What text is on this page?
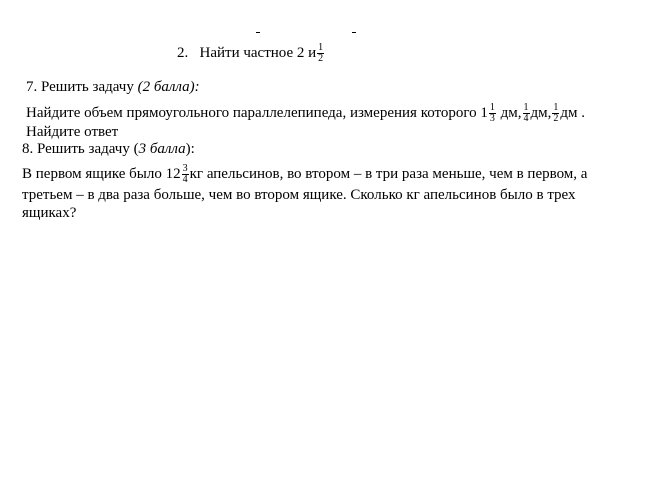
2. Найти частное 2 и $\frac{1}{2}$
7. Решить задачу (2 балла):
Найдите объем прямоугольного параллелепипеда, измерения которого $1 \frac{1}{3}$ дм, $\frac{1}{4}$ дм, $\frac{1}{2}$ дм .
Найдите ответ
8. Решить задачу (3 балла):
В первом ящике было $12 \frac{3}{4}$ кг апельсинов, во втором – в три раза меньше, чем в первом, а
третьем – в два раза больше, чем во втором ящике. Сколько кг апельсинов было в трех
ящиках?
